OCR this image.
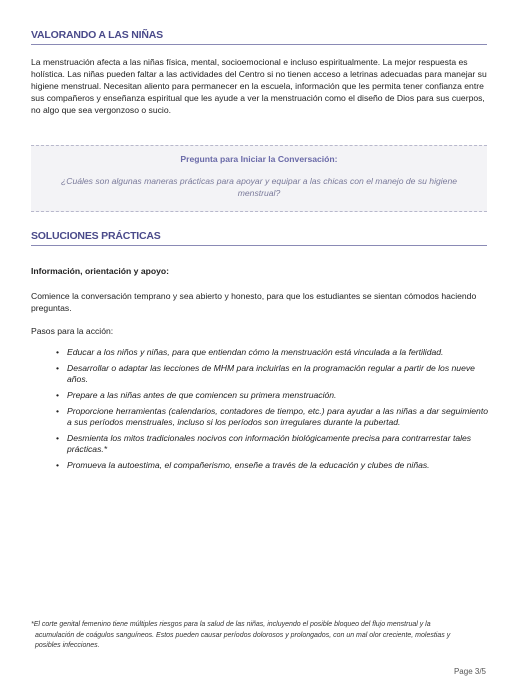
VALORANDO A LAS NIÑAS
La menstruación afecta a las niñas física, mental, socioemocional e incluso espiritualmente. La mejor respuesta es holística. Las niñas pueden faltar a las actividades del Centro si no tienen acceso a letrinas adecuadas para manejar su higiene menstrual. Necesitan aliento para permanecer en la escuela, información que les permita tener confianza entre sus compañeros y enseñanza espiritual que les ayude a ver la menstruación como el diseño de Dios para sus cuerpos, no algo que sea vergonzoso o sucio.
Pregunta para Iniciar la Conversación:
¿Cuáles son algunas maneras prácticas para apoyar y equipar a las chicas con el manejo de su higiene menstrual?
SOLUCIONES PRÁCTICAS
Información, orientación y apoyo:
Comience la conversación temprano y sea abierto y honesto, para que los estudiantes se sientan cómodos haciendo preguntas.
Pasos para la acción:
• Educar a los niños y niñas, para que entiendan cómo la menstruación está vinculada a la fertilidad.
• Desarrollar o adaptar las lecciones de MHM para incluirlas en la programación regular a partir de los nueve años.
• Prepare a las niñas antes de que comiencen su primera menstruación.
• Proporcione herramientas (calendarios, contadores de tiempo, etc.) para ayudar a las niñas a dar seguimiento a sus períodos menstruales, incluso si los períodos son irregulares durante la pubertad.
• Desmienta los mitos tradicionales nocivos con información biológicamente precisa para contrarrestar tales prácticas.*
• Promueva la autoestima, el compañerismo, enseñe a través de la educación y clubes de niñas.
*El corte genital femenino tiene múltiples riesgos para la salud de las niñas, incluyendo el posible bloqueo del flujo menstrual y la
acumulación de coágulos sanguíneos. Estos pueden causar períodos dolorosos y prolongados, con un mal olor creciente, molestias y
posibles infecciones.
Page 3/5
